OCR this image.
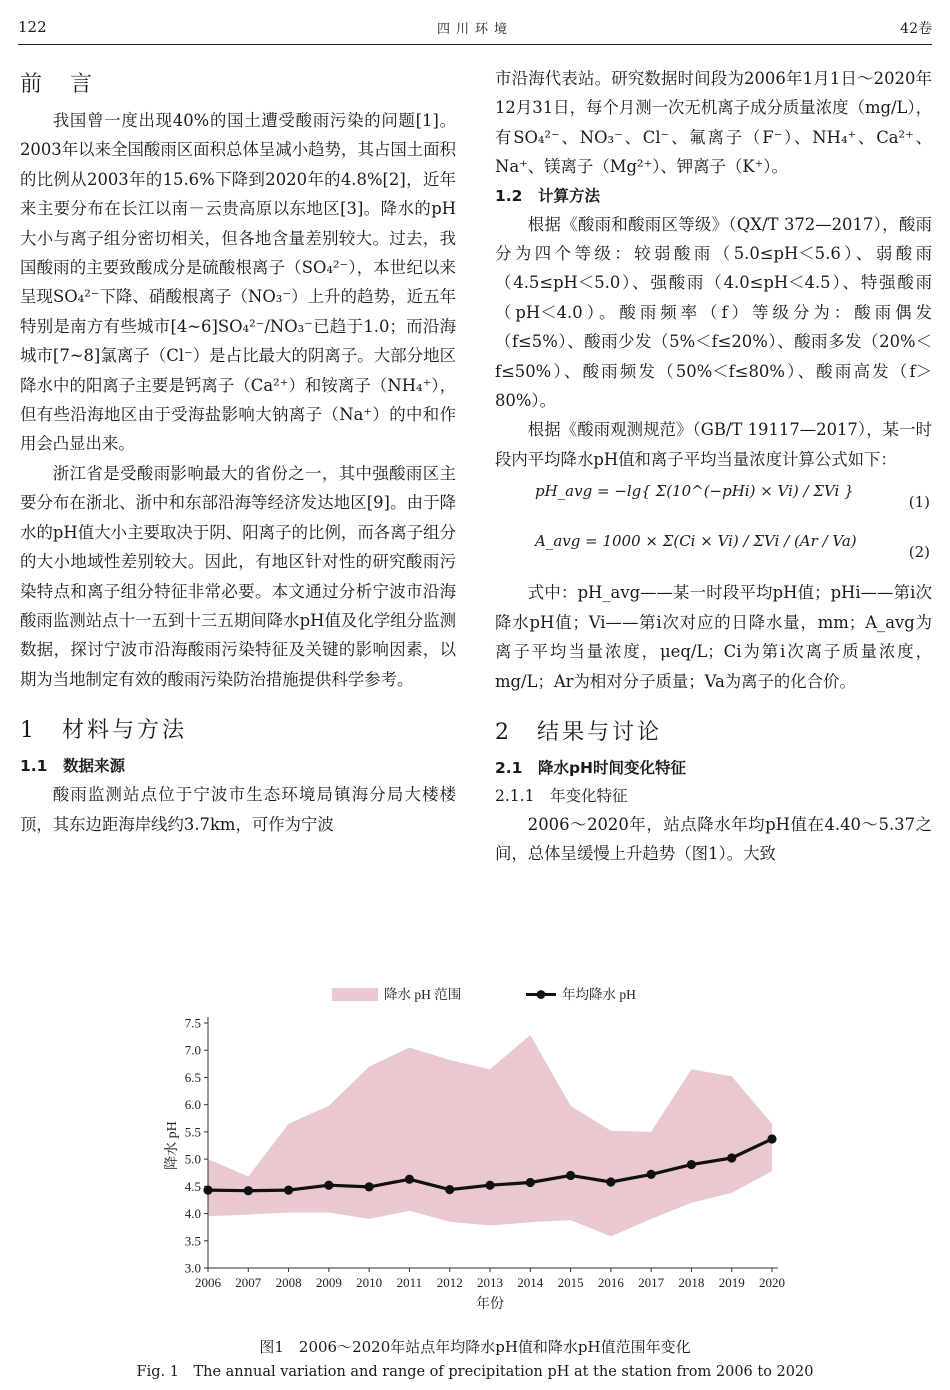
122	四川环境	42卷
前　言

我国曾一度出现40%的国土遭受酸雨污染的问题[1]。2003年以来全国酸雨区面积总体呈减小趋势，其占国土面积的比例从2003年的15.6%下降到2020年的4.8%[2]，近年来主要分布在长江以南－云贵高原以东地区[3]。降水的pH大小与离子组分密切相关，但各地含量差别较大。过去，我国酸雨的主要致酸成分是硫酸根离子（SO₄²⁻），本世纪以来呈现SO₄²⁻下降、硝酸根离子（NO₃⁻）上升的趋势，近五年特别是南方有些城市[4~6]SO₄²⁻/NO₃⁻已趋于1.0；而沿海城市[7~8]氯离子（Cl⁻）是占比最大的阴离子。大部分地区降水中的阳离子主要是钙离子（Ca²⁺）和铵离子（NH₄⁺），但有些沿海地区由于受海盐影响大钠离子（Na⁺）的中和作用会凸显出来。

浙江省是受酸雨影响最大的省份之一，其中强酸雨区主要分布在浙北、浙中和东部沿海等经济发达地区[9]。由于降水的pH值大小主要取决于阴、阳离子的比例，而各离子组分的大小地域性差别较大。因此，有地区针对性的研究酸雨污染特点和离子组分特征非常必要。本文通过分析宁波市沿海酸雨监测站点十一五到十三五期间降水pH值及化学组分监测数据，探讨宁波市沿海酸雨污染特征及关键的影响因素，以期为当地制定有效的酸雨污染防治措施提供科学参考。

1　材料与方法
1.1　数据来源

酸雨监测站点位于宁波市生态环境局镇海分局大楼楼顶，其东边距海岸线约3.7km，可作为宁波

市沿海代表站。研究数据时间段为2006年1月1日～2020年12月31日，每个月测一次无机离子成分质量浓度（mg/L），有SO₄²⁻、NO₃⁻、Cl⁻、氟离子（F⁻）、NH₄⁺、Ca²⁺、Na⁺、镁离子（Mg²⁺）、钾离子（K⁺）。

1.2　计算方法

根据《酸雨和酸雨区等级》（QX/T 372—2017），酸雨分为四个等级：较弱酸雨（5.0≤pH＜5.6）、弱酸雨（4.5≤pH＜5.0）、强酸雨（4.0≤pH＜4.5）、特强酸雨（pH＜4.0）。酸雨频率（f）等级分为：酸雨偶发（f≤5%）、酸雨少发（5%＜f≤20%）、酸雨多发（20%＜f≤50%）、酸雨频发（50%＜f≤80%）、酸雨高发（f＞80%）。

根据《酸雨观测规范》（GB/T 19117—2017），某一时段内平均降水pH值和离子平均当量浓度计算公式如下：

pH_avg = −lg{ Σ(10^(−pHi) × Vi) / ΣVi }
(1)
A_avg = 1000 × Σ(Ci × Vi) / ΣVi / (Ar / Va)
(2)

式中：pH_avg——某一时段平均pH值；pHi——第i次降水pH值；Vi——第i次对应的日降水量，mm；A_avg为离子平均当量浓度，μeq/L；Ci为第i次离子质量浓度，mg/L；Ar为相对分子质量；Va为离子的化合价。

2　结果与讨论
2.1　降水pH时间变化特征
2.1.1　年变化特征

2006～2020年，站点降水年均pH值在4.40～5.37之间，总体呈缓慢上升趋势（图1）。大致

3.0
3.5
4.0
4.5
5.0
5.5
6.0
6.5
7.0
7.5
2006 2007 2008 2009 2010 2011 2012 2013 2014 2015 2016 2017 2018 2019 2020
年份
降水 pH
降水 pH 范围	年均降水 pH
图1　2006～2020年站点年均降水pH值和降水pH值范围年变化
Fig. 1　The annual variation and range of precipitation pH at the station from 2006 to 2020
